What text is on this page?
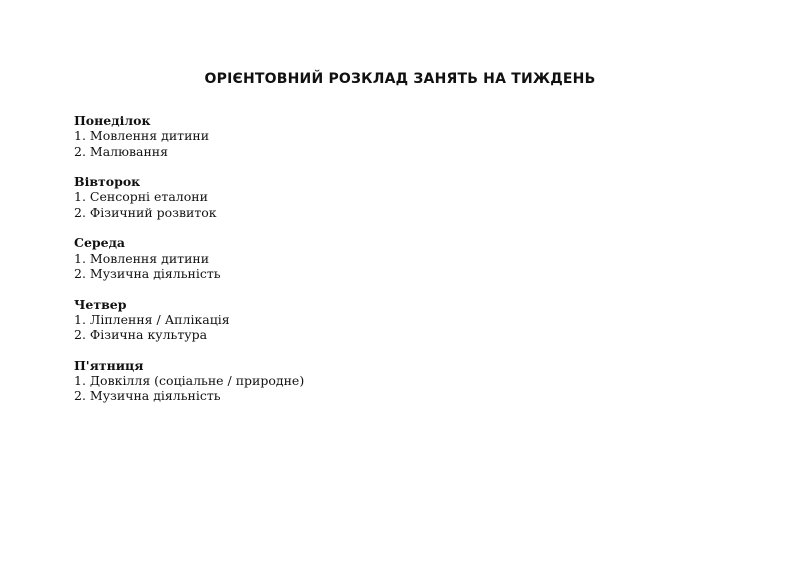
ОРІЄНТОВНИЙ РОЗКЛАД ЗАНЯТЬ НА ТИЖДЕНЬ
Понеділок
1. Мовлення дитини
2. Малювання
Вівторок
1. Сенсорні еталони
2. Фізичний розвиток
Середа
1. Мовлення дитини
2. Музична діяльність
Четвер
1. Ліплення / Аплікація
2. Фізична культура
П'ятниця
1. Довкілля (соціальне / природне)
2. Музична діяльність
